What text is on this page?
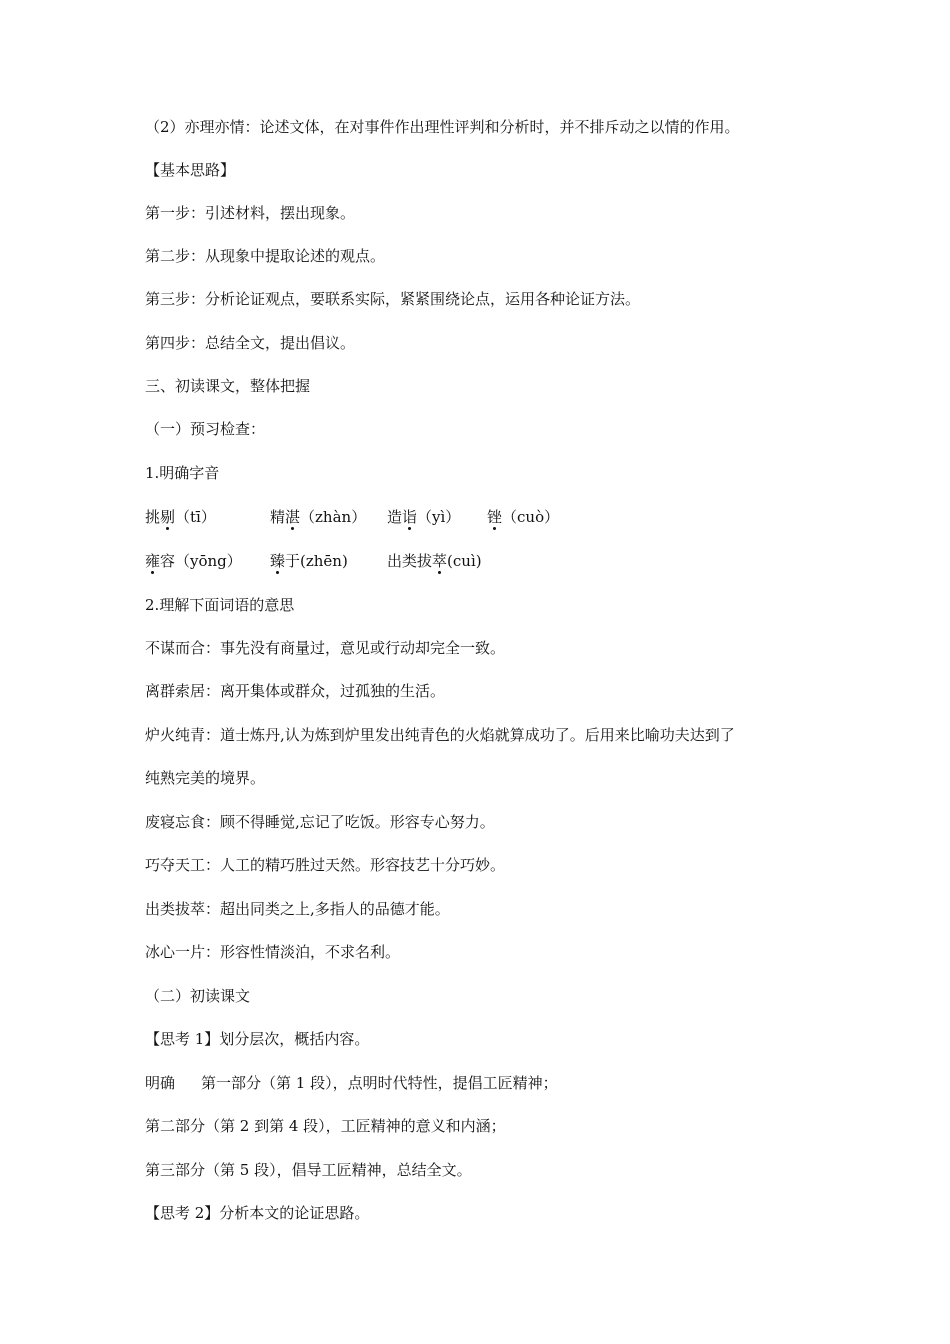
（2）亦理亦情：论述文体，在对事件作出理性评判和分析时，并不排斥动之以情的作用。
【基本思路】
第一步：引述材料，摆出现象。
第二步：从现象中提取论述的观点。
第三步：分析论证观点，要联系实际，紧紧围绕论点，运用各种论证方法。
第四步：总结全文，提出倡议。
三、初读课文，整体把握
（一）预习检查：
1.明确字音
挑剔（tī）	精湛（zhàn） 造诣（yì） 锉（cuò）
雍容（yōng） 臻于(zhēn)	出类拔萃(cuì)
2.理解下面词语的意思
不谋而合：事先没有商量过，意见或行动却完全一致。
离群索居：离开集体或群众，过孤独的生活。
炉火纯青：道士炼丹,认为炼到炉里发出纯青色的火焰就算成功了。后用来比喻功夫达到了
纯熟完美的境界。
废寝忘食：顾不得睡觉,忘记了吃饭。形容专心努力。
巧夺天工：人工的精巧胜过天然。形容技艺十分巧妙。
出类拔萃：超出同类之上,多指人的品德才能。
冰心一片：形容性情淡泊，不求名利。
（二）初读课文
【思考 1】划分层次，概括内容。
明确 第一部分（第 1 段），点明时代特性，提倡工匠精神；
第二部分（第 2 到第 4 段），工匠精神的意义和内涵；
第三部分（第 5 段），倡导工匠精神，总结全文。
【思考 2】分析本文的论证思路。
